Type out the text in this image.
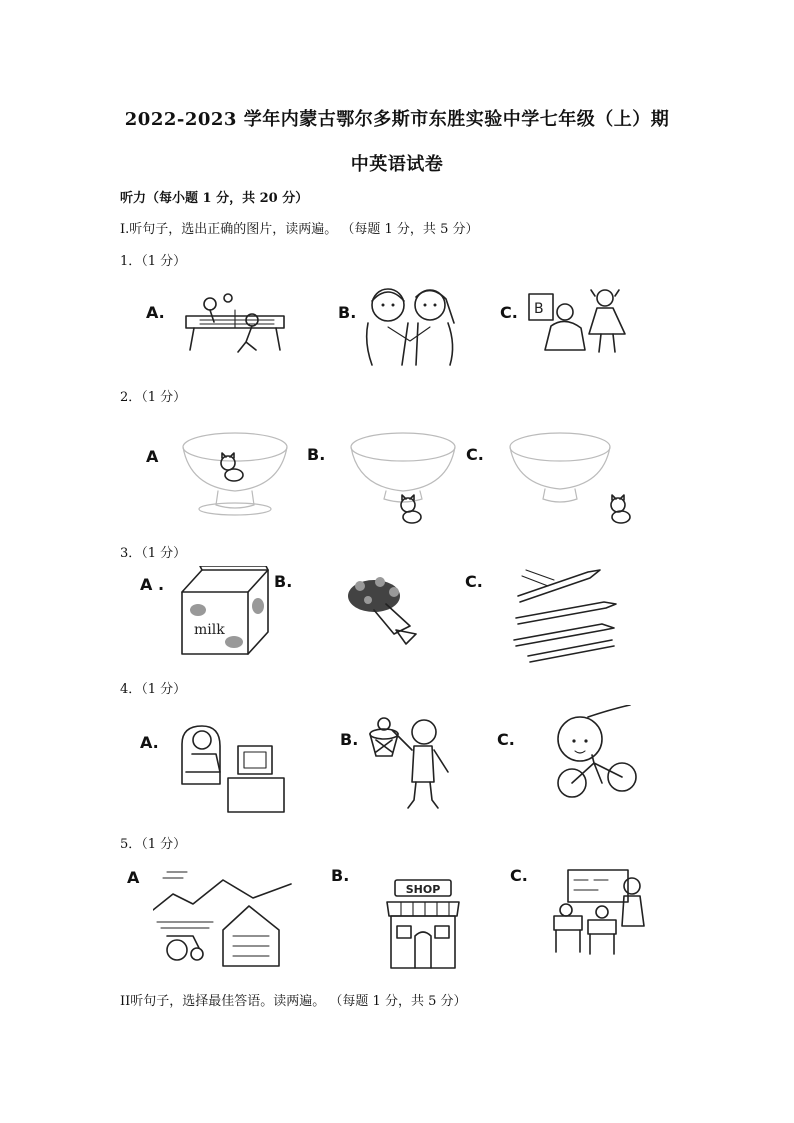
2022-2023 学年内蒙古鄂尔多斯市东胜实验中学七年级（上）期
中英语试卷
听力（每小题 1 分，共 20 分）
Ⅰ.听句子，选出正确的图片，读两遍。 （每题 1 分，共 5 分）
1．（1 分）
A.	B.	C. B
2．（1 分）
A	B.	C.
3．（1 分）
A .	B.	C.
milk
4．（1 分）
A.	B.	C.
5．（1 分）
A	B.	C.
SHOP
II听句子，选择最佳答语。读两遍。 （每题 1 分，共 5 分）
